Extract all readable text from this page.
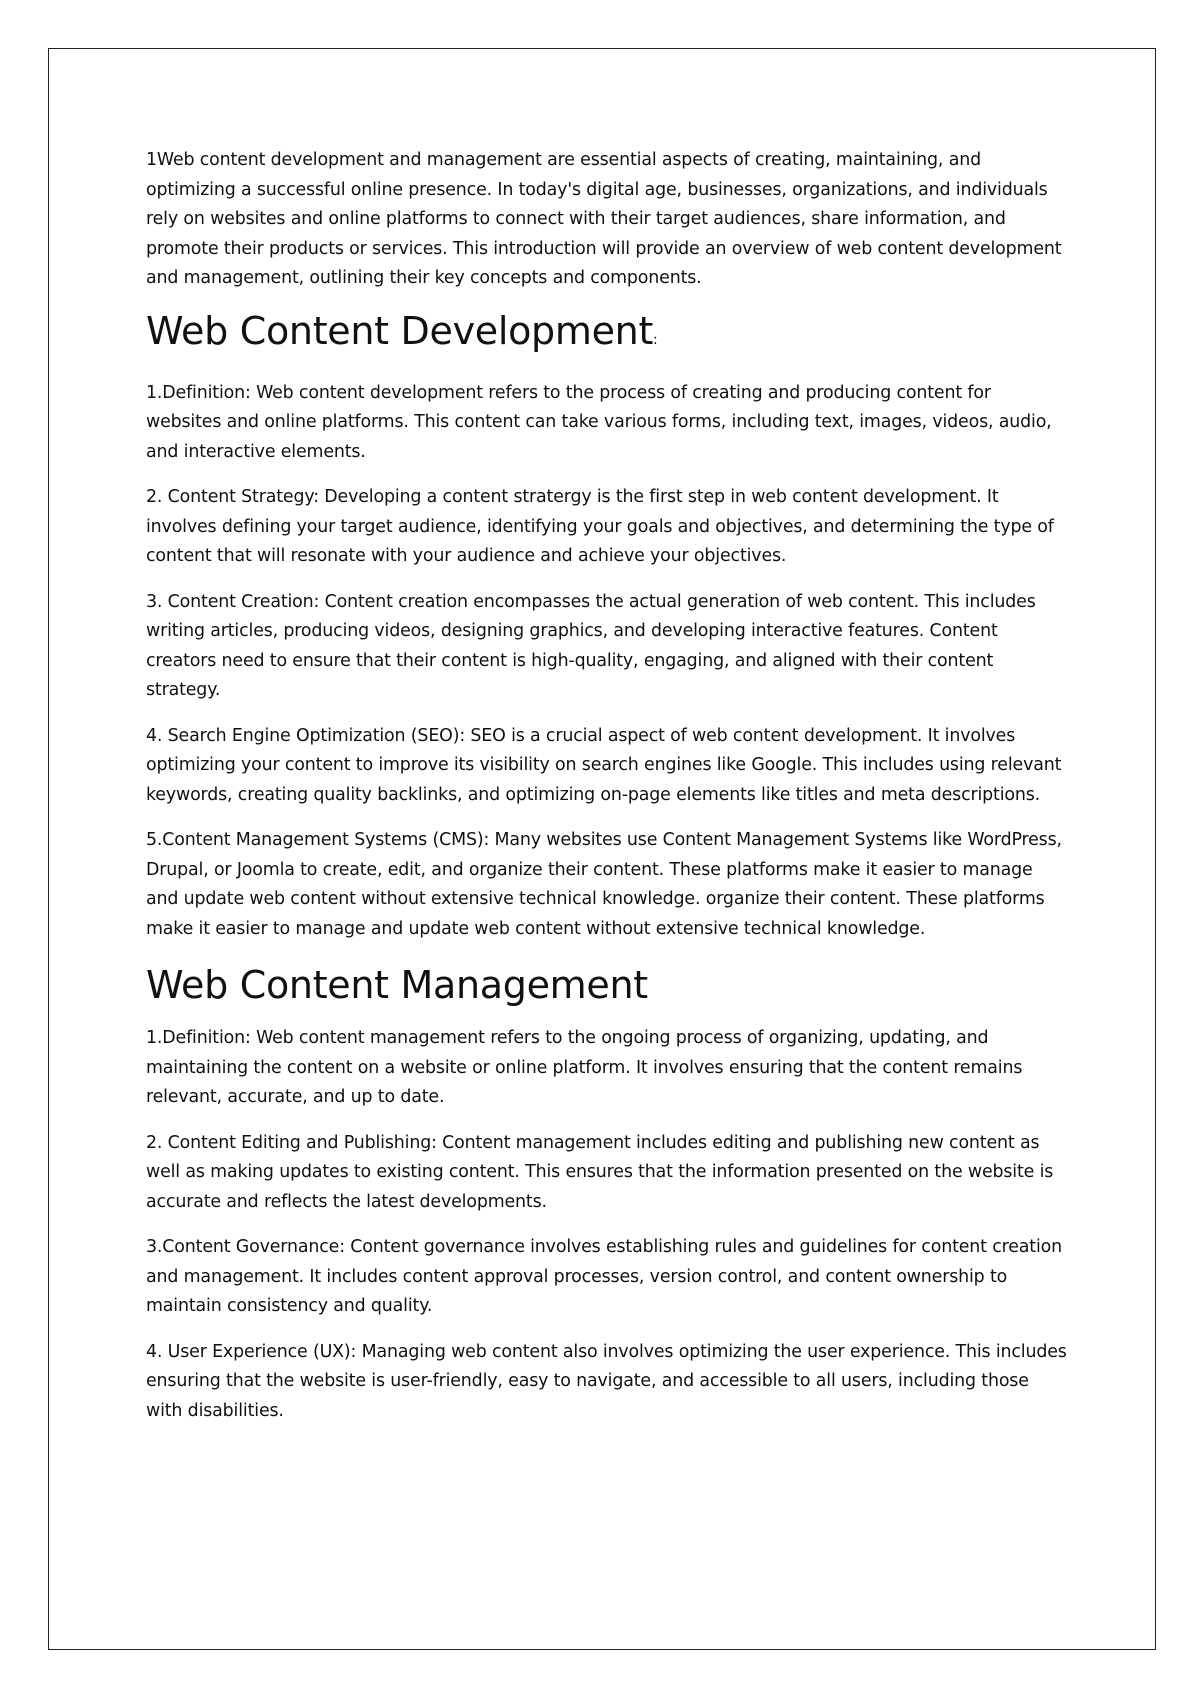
1Web content development and management are essential aspects of creating, maintaining, and optimizing a successful online presence. In today's digital age, businesses, organizations, and individuals rely on websites and online platforms to connect with their target audiences, share information, and promote their products or services. This introduction will provide an overview of web content development and management, outlining their key concepts and components.

Web Content Development:

1.Definition: Web content development refers to the process of creating and producing content for websites and online platforms. This content can take various forms, including text, images, videos, audio, and interactive elements.

2. Content Strategy: Developing a content stratergy is the first step in web content development. It involves defining your target audience, identifying your goals and objectives, and determining the type of content that will resonate with your audience and achieve your objectives.

3. Content Creation: Content creation encompasses the actual generation of web content. This includes writing articles, producing videos, designing graphics, and developing interactive features. Content creators need to ensure that their content is high-quality, engaging, and aligned with their content strategy.

4. Search Engine Optimization (SEO): SEO is a crucial aspect of web content development. It involves optimizing your content to improve its visibility on search engines like Google. This includes using relevant keywords, creating quality backlinks, and optimizing on-page elements like titles and meta descriptions.

5.Content Management Systems (CMS): Many websites use Content Management Systems like WordPress, Drupal, or Joomla to create, edit, and organize their content. These platforms make it easier to manage and update web content without extensive technical knowledge. organize their content. These platforms make it easier to manage and update web content without extensive technical knowledge.

Web Content Management

1.Definition: Web content management refers to the ongoing process of organizing, updating, and maintaining the content on a website or online platform. It involves ensuring that the content remains relevant, accurate, and up to date.

2. Content Editing and Publishing: Content management includes editing and publishing new content as well as making updates to existing content. This ensures that the information presented on the website is accurate and reflects the latest developments.

3.Content Governance: Content governance involves establishing rules and guidelines for content creation and management. It includes content approval processes, version control, and content ownership to maintain consistency and quality.

4. User Experience (UX): Managing web content also involves optimizing the user experience. This includes ensuring that the website is user-friendly, easy to navigate, and accessible to all users, including those with disabilities.
